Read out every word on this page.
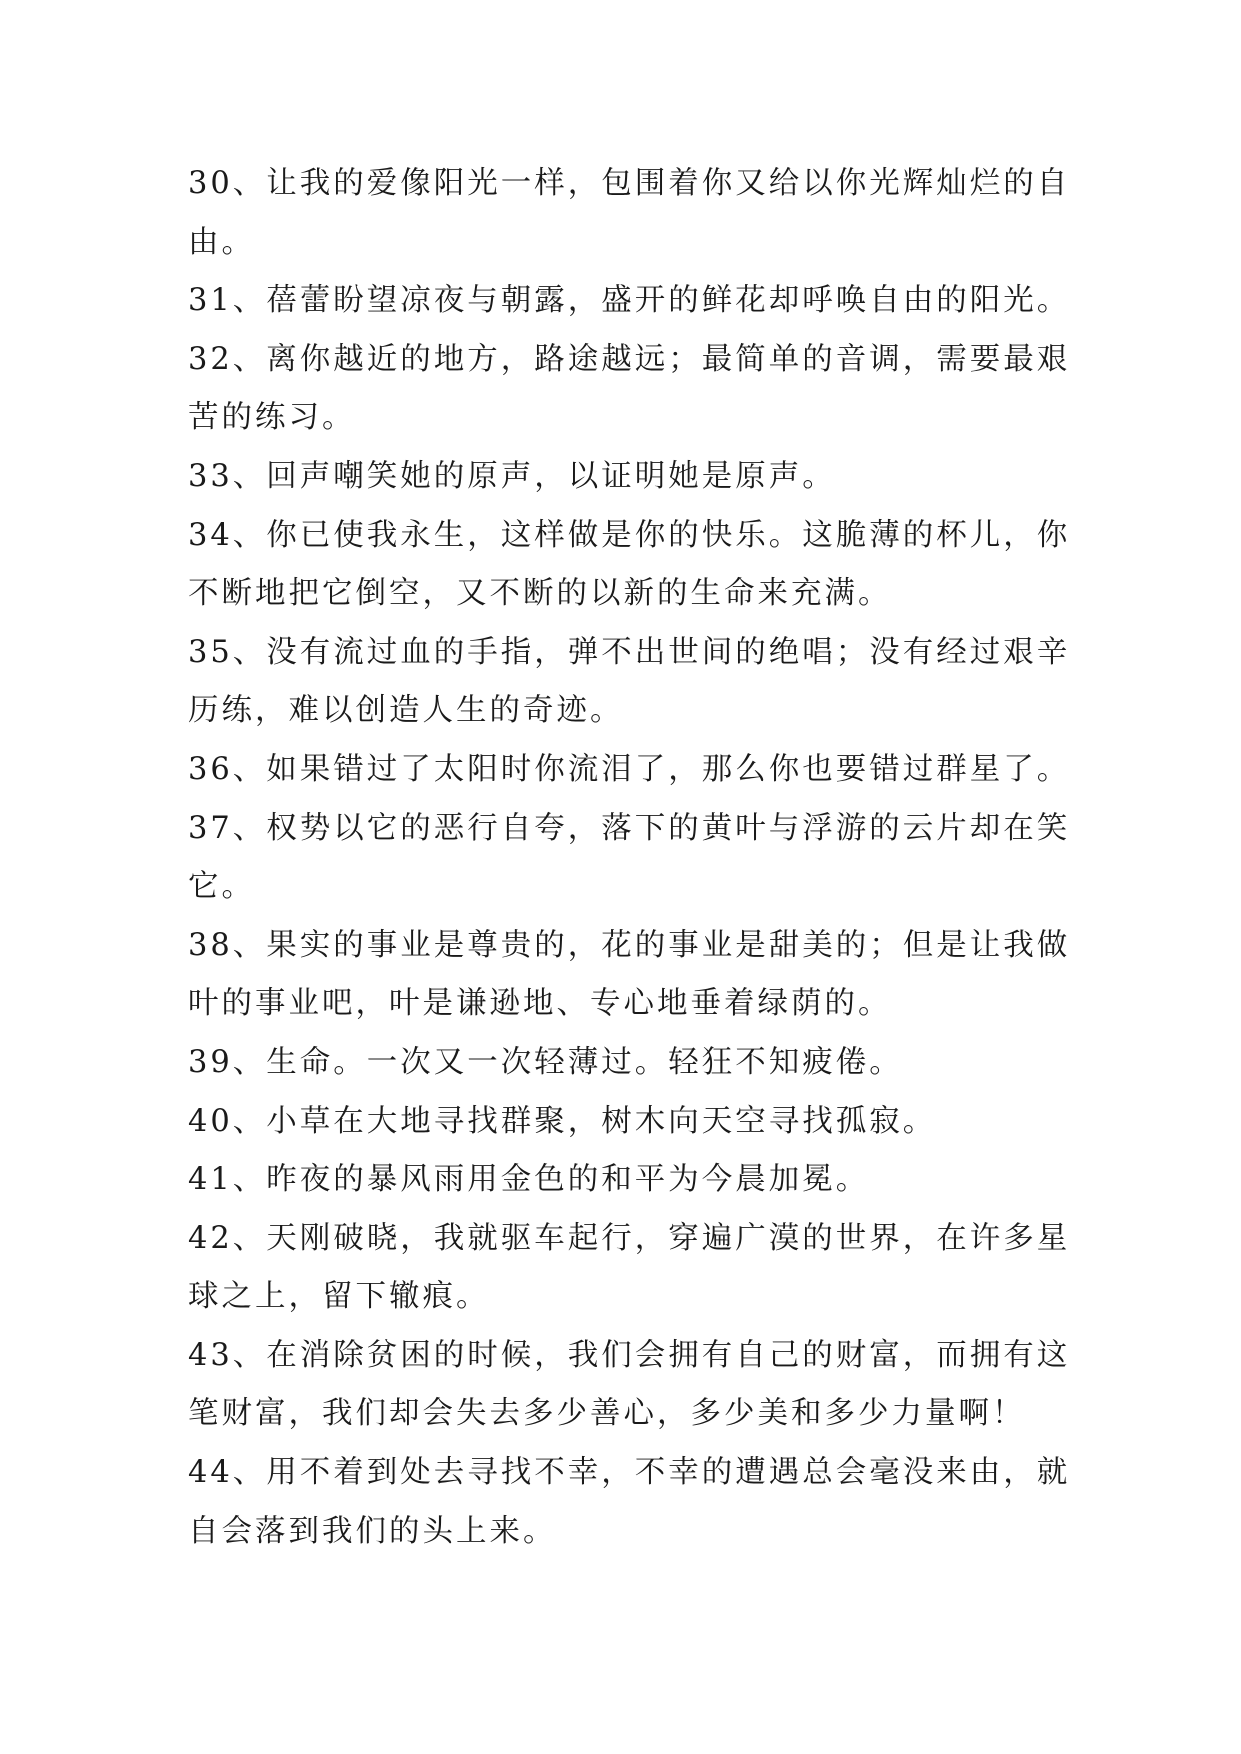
30、让我的爱像阳光一样，包围着你又给以你光辉灿烂的自由。
31、蓓蕾盼望凉夜与朝露，盛开的鲜花却呼唤自由的阳光。
32、离你越近的地方，路途越远；最简单的音调，需要最艰苦的练习。
33、回声嘲笑她的原声，以证明她是原声。
34、你已使我永生，这样做是你的快乐。这脆薄的杯儿，你不断地把它倒空，又不断的以新的生命来充满。
35、没有流过血的手指，弹不出世间的绝唱；没有经过艰辛历练，难以创造人生的奇迹。
36、如果错过了太阳时你流泪了，那么你也要错过群星了。
37、权势以它的恶行自夸，落下的黄叶与浮游的云片却在笑它。
38、果实的事业是尊贵的，花的事业是甜美的；但是让我做叶的事业吧，叶是谦逊地、专心地垂着绿荫的。
39、生命。一次又一次轻薄过。轻狂不知疲倦。
40、小草在大地寻找群聚，树木向天空寻找孤寂。
41、昨夜的暴风雨用金色的和平为今晨加冕。
42、天刚破晓，我就驱车起行，穿遍广漠的世界，在许多星球之上，留下辙痕。
43、在消除贫困的时候，我们会拥有自己的财富，而拥有这笔财富，我们却会失去多少善心，多少美和多少力量啊！
44、用不着到处去寻找不幸，不幸的遭遇总会毫没来由，就自会落到我们的头上来。
